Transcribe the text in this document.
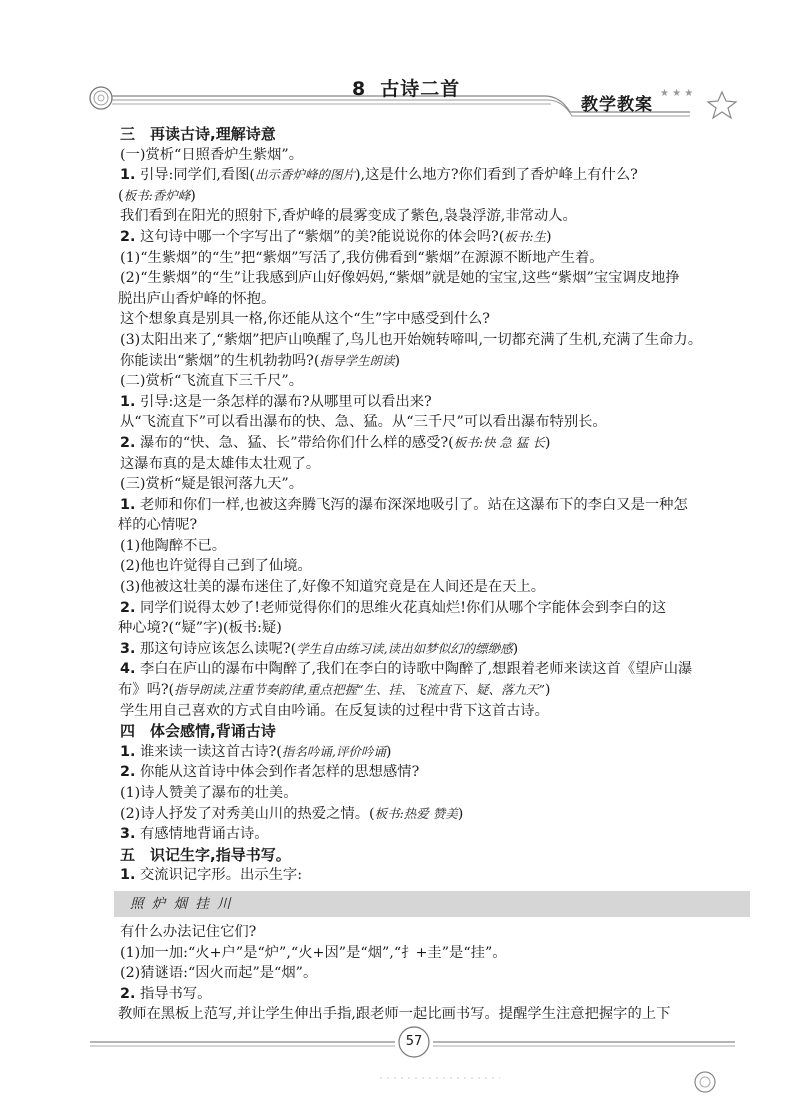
★ ★ ★
8 古诗二首
教学教案
三　再读古诗,理解诗意
(一)赏析“日照香炉生紫烟”。
1. 引导:同学们,看图(出示香炉峰的图片),这是什么地方?你们看到了香炉峰上有什么?
(板书:香炉峰)
我们看到在阳光的照射下,香炉峰的晨雾变成了紫色,袅袅浮游,非常动人。
2. 这句诗中哪一个字写出了“紫烟”的美?能说说你的体会吗?(板书:生)
(1)“生紫烟”的“生”把“紫烟”写活了,我仿佛看到“紫烟”在源源不断地产生着。
(2)“生紫烟”的“生”让我感到庐山好像妈妈,“紫烟”就是她的宝宝,这些“紫烟”宝宝调皮地挣
脱出庐山香炉峰的怀抱。
这个想象真是别具一格,你还能从这个“生”字中感受到什么?
(3)太阳出来了,“紫烟”把庐山唤醒了,鸟儿也开始婉转啼叫,一切都充满了生机,充满了生命力。
你能读出“紫烟”的生机勃勃吗?(指导学生朗读)
(二)赏析“飞流直下三千尺”。
1. 引导:这是一条怎样的瀑布?从哪里可以看出来?
从“飞流直下”可以看出瀑布的快、急、猛。从“三千尺”可以看出瀑布特别长。
2. 瀑布的“快、急、猛、长”带给你们什么样的感受?(板书:快 急 猛 长)
这瀑布真的是太雄伟太壮观了。
(三)赏析“疑是银河落九天”。
1. 老师和你们一样,也被这奔腾飞泻的瀑布深深地吸引了。站在这瀑布下的李白又是一种怎
样的心情呢?
(1)他陶醉不已。
(2)他也许觉得自己到了仙境。
(3)他被这壮美的瀑布迷住了,好像不知道究竟是在人间还是在天上。
2. 同学们说得太妙了!老师觉得你们的思维火花真灿烂!你们从哪个字能体会到李白的这
种心境?(“疑”字)(板书:疑)
3. 那这句诗应该怎么读呢?(学生自由练习读,读出如梦似幻的缥缈感)
4. 李白在庐山的瀑布中陶醉了,我们在李白的诗歌中陶醉了,想跟着老师来读这首《望庐山瀑
布》吗?(指导朗读,注重节奏韵律,重点把握“生、挂、飞流直下、疑、落九天”)
学生用自己喜欢的方式自由吟诵。在反复读的过程中背下这首古诗。
四　体会感情,背诵古诗
1. 谁来读一读这首古诗?(指名吟诵,评价吟诵)
2. 你能从这首诗中体会到作者怎样的思想感情?
(1)诗人赞美了瀑布的壮美。
(2)诗人抒发了对秀美山川的热爱之情。(板书:热爱 赞美)
3. 有感情地背诵古诗。
五　识记生字,指导书写。
1. 交流识记字形。出示生字:
照 炉 烟 挂 川
有什么办法记住它们?
(1)加一加:“火+户”是“炉”,“火+因”是“烟”,“扌+圭”是“挂”。
(2)猜谜语:“因火而起”是“烟”。
2. 指导书写。
教师在黑板上范写,并让学生伸出手指,跟老师一起比画书写。提醒学生注意把握字的上下
57
